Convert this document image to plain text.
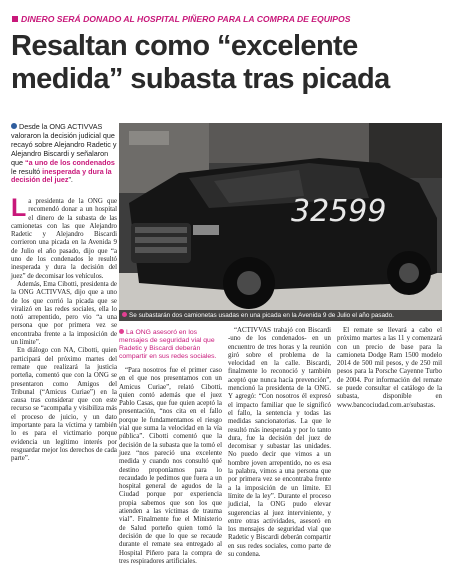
DINERO SERÁ DONADO AL HOSPITAL PIÑERO PARA LA COMPRA DE EQUIPOS
Resaltan como “excelente
medida” subasta tras picada
Desde la ONG ACTIVVAS valoraron la decisión judicial que recayó sobre Alejandro Radetic y Alejandro Biscardi y señalaron que “a uno de los condenados le resultó inesperada y dura la decisión del juez”.
32599
Se subastarán dos camionetas usadas en una picada en la Avenida 9 de Julio el año pasado.
La ONG asesoró en los mensajes de seguridad vial que Radetic y Biscardi deberán compartir en sus redes sociales.

La presidenta de la ONG que recomendó donar a un hospital el dinero de la subasta de las camionetas con las que Alejandro Radetic y Alejandro Biscardi corrieron una picada en la Avenida 9 de Julio el año pasado, dijo que “a uno de los condenados le resultó inesperada y dura la decisión del juez” de decomisar los vehículos.

Además, Ema Cibotti, presidenta de la ONG ACTIVVAS, dijo que a uno de los que corrió la picada que se viralizó en las redes sociales, ella lo notó arrepentido, pero vio “a una persona que por primera vez se encontraba frente a la imposición de un límite”.

En diálogo con NA, Cibotti, quien participará del próximo martes del remate que realizará la justicia porteña, comentó que con la ONG se presentaron como Amigos del Tribunal (“Amicus Curiae”) en la causa tras considerar que con este recurso se “acompaña y visibiliza más el proceso de juicio, y un dato importante para la víctima y también lo es para el victimario porque evidencia un legítimo interés por resguardar mejor los derechos de cada parte”.

“Para nosotros fue el primer caso en el que nos presentamos con un Amicus Curiae”, relató Cibotti, quien contó además que el juez Pablo Casas, que fue quien aceptó la presentación, “nos cita en el fallo porque le fundamentamos el riesgo vial que suma la velocidad en la vía pública”. Cibotti comentó que la decisión de la subasta que la tomó el juez “nos pareció una excelente medida y cuando nos consultó qué destino proponíamos para lo recaudado le pedimos que fuera a un hospital general de agudos de la Ciudad porque por experiencia propia sabemos que son los que atienden a las víctimas de trauma vial”. Finalmente fue el Ministerio de Salud porteño quien tomó la decisión de que lo que se recaude durante el remate sea entregado al Hospital Piñero para la compra de tres respiradores artificiales.

“ACTIVVAS trabajó con Biscardi -uno de los condenados- en un encuentro de tres horas y la reunión giró sobre el problema de la velocidad en la calle. Biscardi, finalmente lo reconoció y también aceptó que nunca hacía prevención”, mencionó la presidenta de la ONG. Y agregó: “Con nosotros él expresó el impacto familiar que le significó el fallo, la sentencia y todas las medidas sancionatorias. La que le resultó más inesperada y por lo tanto dura, fue la decisión del juez de decomisar y subastar las unidades. No puedo decir que vimos a un hombre joven arrepentido, no es esa la palabra, vimos a una persona que por primera vez se encontraba frente a la imposición de un límite. El límite de la ley”. Durante el proceso judicial, la ONG pudo elevar sugerencias al juez interviniente, y entre otras actividades, asesoró en los mensajes de seguridad vial que Radetic y Biscardi deberán compartir en sus redes sociales, como parte de su condena.

El remate se llevará a cabo el próximo martes a las 11 y comenzará con un precio de base para la camioneta Dodge Ram 1500 modelo 2014 de 500 mil pesos, y de 250 mil pesos para la Porsche Cayenne Turbo de 2004. Por información del remate se puede consultar el catálogo de la subasta, disponible en www.bancociudad.com.ar/subastas.
